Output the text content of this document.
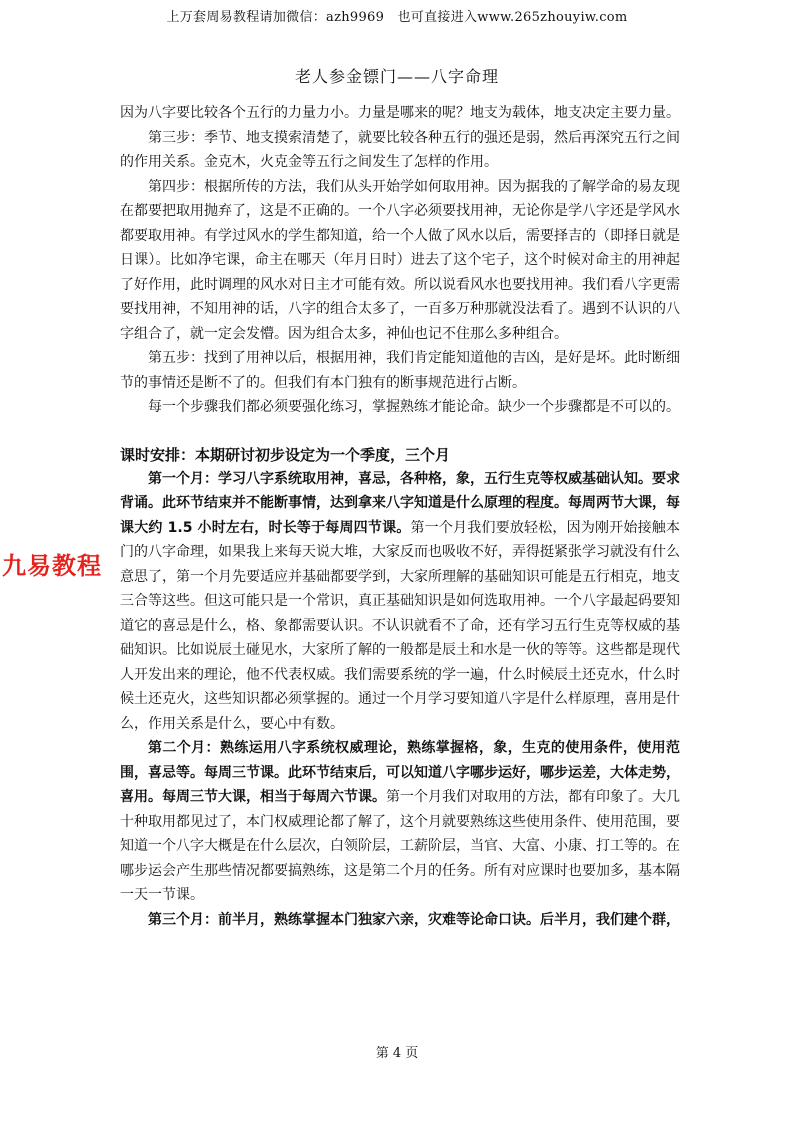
上万套周易教程请加微信：azh9969　也可直接进入www.265zhouyiw.com
老人参金镖门——八字命理
九易教程

因为八字要比较各个五行的力量力小。力量是哪来的呢？地支为载体，地支决定主要力量。

第三步：季节、地支摸索清楚了，就要比较各种五行的强还是弱，然后再深究五行之间的作用关系。金克木，火克金等五行之间发生了怎样的作用。

第四步：根据所传的方法，我们从头开始学如何取用神。因为据我的了解学命的易友现在都要把取用抛弃了，这是不正确的。一个八字必须要找用神，无论你是学八字还是学风水都要取用神。有学过风水的学生都知道，给一个人做了风水以后，需要择吉的（即择日就是日课）。比如净宅课，命主在哪天（年月日时）进去了这个宅子，这个时候对命主的用神起了好作用，此时调理的风水对日主才可能有效。所以说看风水也要找用神。我们看八字更需要找用神，不知用神的话，八字的组合太多了，一百多万种那就没法看了。遇到不认识的八字组合了，就一定会发懵。因为组合太多，神仙也记不住那么多种组合。

第五步：找到了用神以后，根据用神，我们肯定能知道他的吉凶，是好是坏。此时断细节的事情还是断不了的。但我们有本门独有的断事规范进行占断。

每一个步骤我们都必须要强化练习，掌握熟练才能论命。缺少一个步骤都是不可以的。

课时安排：本期研讨初步设定为一个季度，三个月

第一个月：学习八字系统取用神，喜忌，各种格，象，五行生克等权威基础认知。要求背诵。此环节结束并不能断事情，达到拿来八字知道是什么原理的程度。每周两节大课，每课大约 1.5 小时左右，时长等于每周四节课。第一个月我们要放轻松，因为刚开始接触本门的八字命理，如果我上来每天说大堆，大家反而也吸收不好，弄得挺紧张学习就没有什么意思了，第一个月先要适应并基础都要学到，大家所理解的基础知识可能是五行相克，地支三合等这些。但这可能只是一个常识，真正基础知识是如何选取用神。一个八字最起码要知道它的喜忌是什么，格、象都需要认识。不认识就看不了命，还有学习五行生克等权威的基础知识。比如说辰土碰见水，大家所了解的一般都是辰土和水是一伙的等等。这些都是现代人开发出来的理论，他不代表权威。我们需要系统的学一遍，什么时候辰土还克水，什么时候土还克火，这些知识都必须掌握的。通过一个月学习要知道八字是什么样原理，喜用是什么，作用关系是什么，要心中有数。

第二个月：熟练运用八字系统权威理论，熟练掌握格，象，生克的使用条件，使用范围，喜忌等。每周三节课。此环节结束后，可以知道八字哪步运好，哪步运差，大体走势，喜用。每周三节大课，相当于每周六节课。第一个月我们对取用的方法，都有印象了。大几十种取用都见过了，本门权威理论都了解了，这个月就要熟练这些使用条件、使用范围，要知道一个八字大概是在什么层次，白领阶层，工薪阶层，当官、大富、小康、打工等的。在哪步运会产生那些情况都要搞熟练，这是第二个月的任务。所有对应课时也要加多，基本隔一天一节课。

第三个月：前半月，熟练掌握本门独家六亲，灾难等论命口诀。后半月，我们建个群，

第 4 页
